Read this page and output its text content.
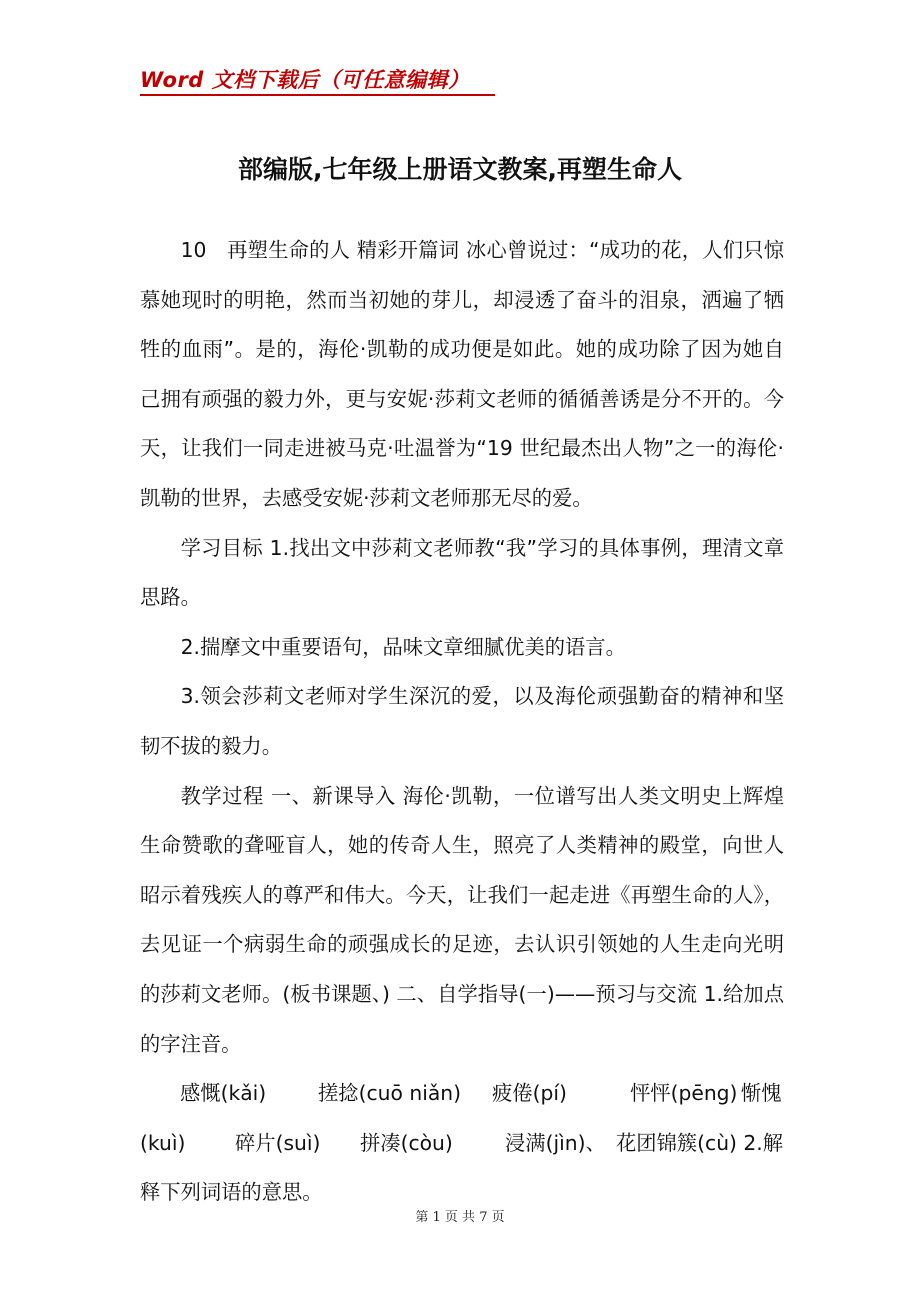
Word 文档下载后（可任意编辑）
部编版,七年级上册语文教案,再塑生命人

10　再塑生命的人 精彩开篇词 冰心曾说过：“成功的花，人们只惊慕她现时的明艳，然而当初她的芽儿，却浸透了奋斗的泪泉，洒遍了牺牲的血雨”。是的，海伦·凯勒的成功便是如此。她的成功除了因为她自己拥有顽强的毅力外，更与安妮·莎莉文老师的循循善诱是分不开的。今天，让我们一同走进被马克·吐温誉为“19 世纪最杰出人物”之一的海伦·凯勒的世界，去感受安妮·莎莉文老师那无尽的爱。

学习目标 1.找出文中莎莉文老师教“我”学习的具体事例，理清文章思路。

2.揣摩文中重要语句，品味文章细腻优美的语言。

3.领会莎莉文老师对学生深沉的爱，以及海伦顽强勤奋的精神和坚韧不拔的毅力。

教学过程 一、新课导入 海伦·凯勒，一位谱写出人类文明史上辉煌生命赞歌的聋哑盲人，她的传奇人生，照亮了人类精神的殿堂，向世人昭示着残疾人的尊严和伟大。今天，让我们一起走进《再塑生命的人》，去见证一个病弱生命的顽强成长的足迹，去认识引领她的人生走向光明的莎莉文老师。(板书课题、) 二、自学指导(一)——预习与交流 1.给加点的字注音。

感慨(kǎi)	搓捻(cuō niǎn) 疲倦(pí)	怦怦(pēng) 惭愧
(kuì) 碎片(suì) 拼凑(còu)	浸满(jìn)、 花团锦簇(cù) 2.解
释下列词语的意思。
第 1 页 共 7 页
